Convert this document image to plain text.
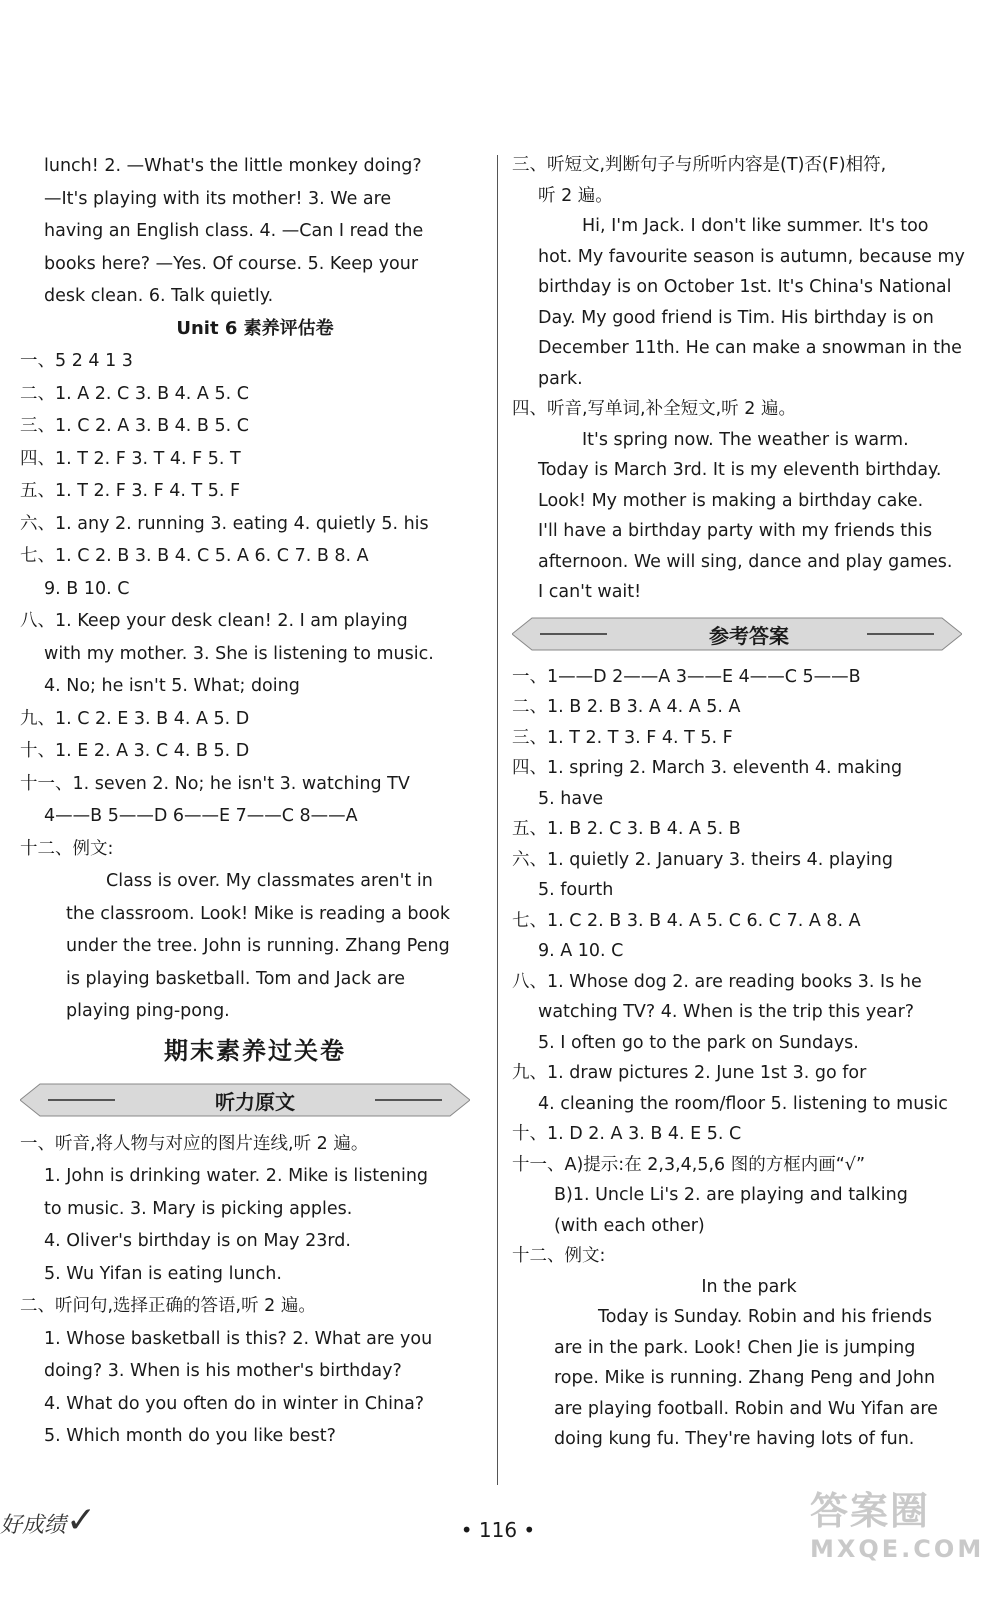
lunch! 2. —What's the little monkey doing?
—It's playing with its mother! 3. We are
having an English class. 4. —Can I read the
books here? —Yes. Of course. 5. Keep your
desk clean. 6. Talk quietly.
Unit 6 素养评估卷
一、5 2 4 1 3
二、1. A 2. C 3. B 4. A 5. C
三、1. C 2. A 3. B 4. B 5. C
四、1. T 2. F 3. T 4. F 5. T
五、1. T 2. F 3. F 4. T 5. F
六、1. any 2. running 3. eating 4. quietly 5. his
七、1. C 2. B 3. B 4. C 5. A 6. C 7. B 8. A
9. B 10. C
八、1. Keep your desk clean! 2. I am playing
with my mother. 3. She is listening to music.
4. No; he isn't 5. What; doing
九、1. C 2. E 3. B 4. A 5. D
十、1. E 2. A 3. C 4. B 5. D
十一、1. seven 2. No; he isn't 3. watching TV
4——B 5——D 6——E 7——C 8——A
十二、例文:
Class is over. My classmates aren't in
the classroom. Look! Mike is reading a book
under the tree. John is running. Zhang Peng
is playing basketball. Tom and Jack are
playing ping-pong.
期末素养过关卷
听力原文
一、听音,将人物与对应的图片连线,听 2 遍。
1. John is drinking water. 2. Mike is listening
to music. 3. Mary is picking apples.
4. Oliver's birthday is on May 23rd.
5. Wu Yifan is eating lunch.
二、听问句,选择正确的答语,听 2 遍。
1. Whose basketball is this? 2. What are you
doing? 3. When is his mother's birthday?
4. What do you often do in winter in China?
5. Which month do you like best?
三、听短文,判断句子与所听内容是(T)否(F)相符,
听 2 遍。
Hi, I'm Jack. I don't like summer. It's too
hot. My favourite season is autumn, because my
birthday is on October 1st. It's China's National
Day. My good friend is Tim. His birthday is on
December 11th. He can make a snowman in the
park.
四、听音,写单词,补全短文,听 2 遍。
It's spring now. The weather is warm.
Today is March 3rd. It is my eleventh birthday.
Look! My mother is making a birthday cake.
I'll have a birthday party with my friends this
afternoon. We will sing, dance and play games.
I can't wait!
参考答案
一、1——D 2——A 3——E 4——C 5——B
二、1. B 2. B 3. A 4. A 5. A
三、1. T 2. T 3. F 4. T 5. F
四、1. spring 2. March 3. eleventh 4. making
5. have
五、1. B 2. C 3. B 4. A 5. B
六、1. quietly 2. January 3. theirs 4. playing
5. fourth
七、1. C 2. B 3. B 4. A 5. C 6. C 7. A 8. A
9. A 10. C
八、1. Whose dog 2. are reading books 3. Is he
watching TV? 4. When is the trip this year?
5. I often go to the park on Sundays.
九、1. draw pictures 2. June 1st 3. go for
4. cleaning the room/floor 5. listening to music
十、1. D 2. A 3. B 4. E 5. C
十一、A)提示:在 2,3,4,5,6 图的方框内画“√”
B)1. Uncle Li's 2. are playing and talking
(with each other)
十二、例文:
In the park
Today is Sunday. Robin and his friends
are in the park. Look! Chen Jie is jumping
rope. Mike is running. Zhang Peng and John
are playing football. Robin and Wu Yifan are
doing kung fu. They're having lots of fun.
好成绩✓	• 116 •	答案圈
MXQE.COM
